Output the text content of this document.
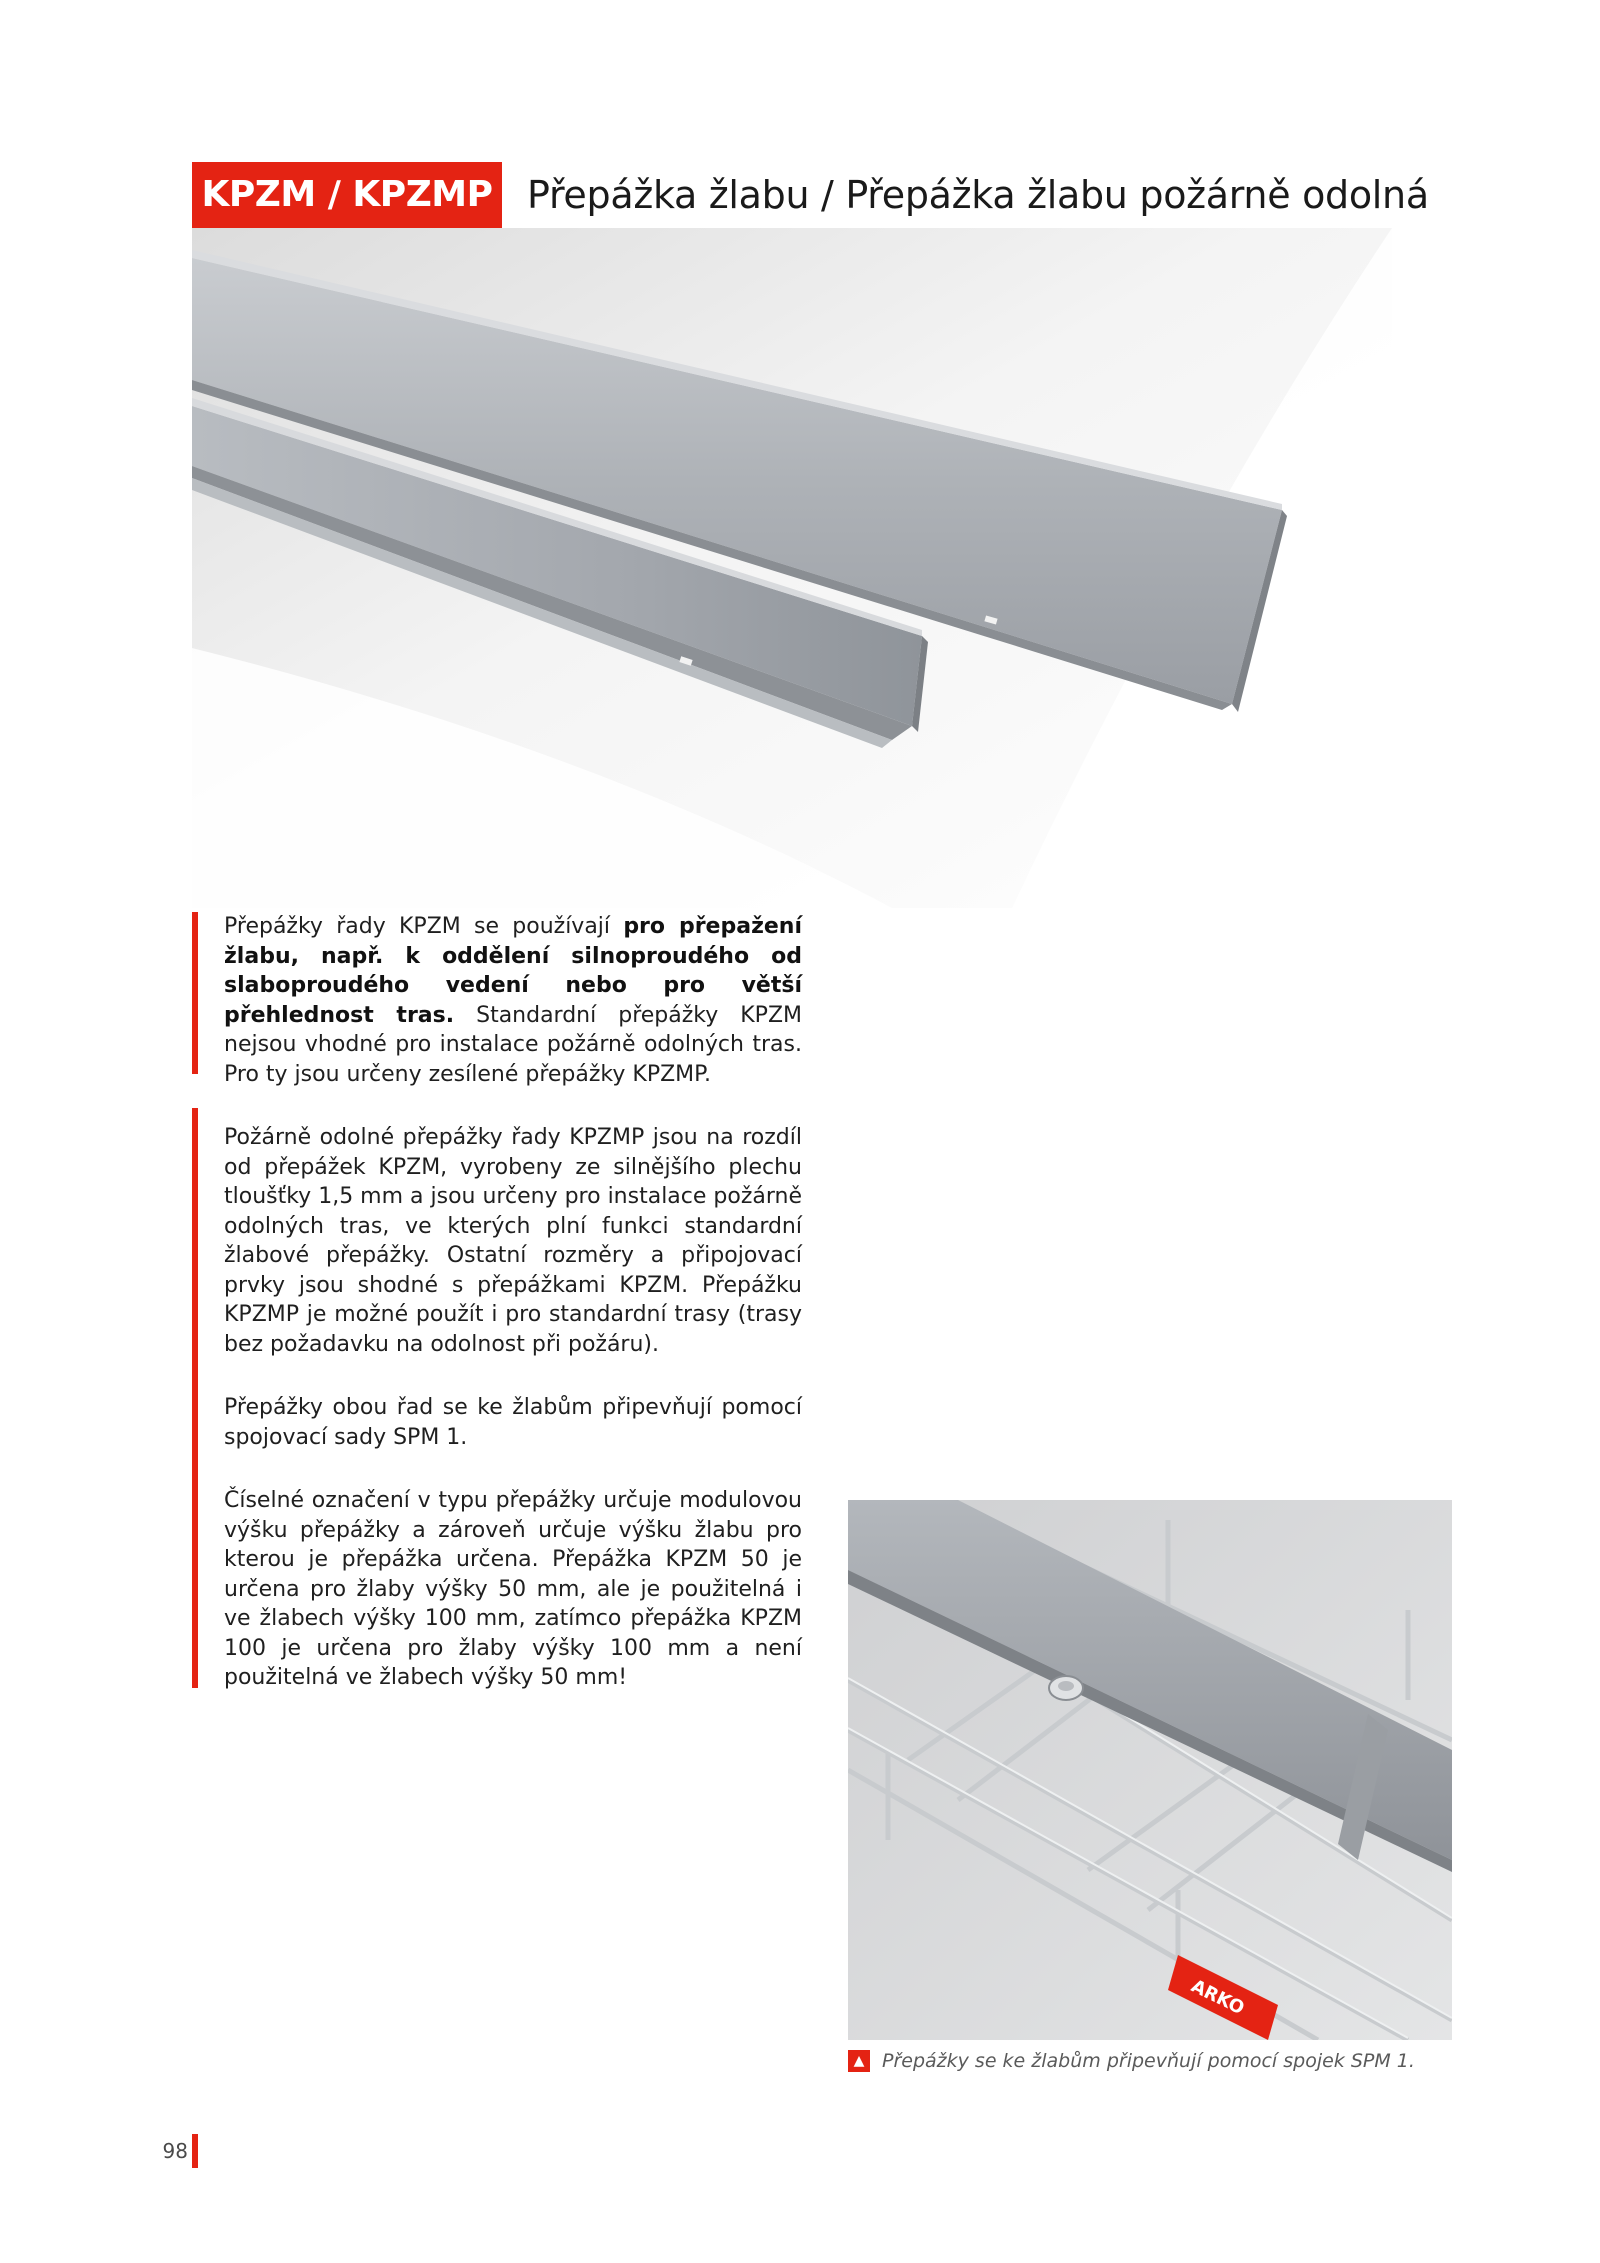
KPZM / KPZMP Přepážka žlabu / Přepážka žlabu požárně odolná

Přepážky řady KPZM se používají pro přepažení žlabu, např. k oddělení silnoproudého od slaboproudého vedení nebo pro větší přehlednost tras. Standardní přepážky KPZM nejsou vhodné pro instalace požárně odolných tras. Pro ty jsou určeny zesílené přepážky KPZMP.

Požárně odolné přepážky řady KPZMP jsou na rozdíl od přepážek KPZM, vyrobeny ze silnějšího plechu tloušťky 1,5 mm a jsou určeny pro instalace požárně odolných tras, ve kterých plní funkci standardní žlabové přepážky. Ostatní rozměry a připojovací prvky jsou shodné s přepážkami KPZM. Přepážku KPZMP je možné použít i pro standardní trasy (trasy bez požadavku na odolnost při požáru).

Přepážky obou řad se ke žlabům připevňují pomocí spojovací sady SPM 1.

Číselné označení v typu přepážky určuje modulovou výšku přepážky a zároveň určuje výšku žlabu pro kterou je přepážka určena. Přepážka KPZM 50 je určena pro žlaby výšky 50 mm, ale je použitelná i ve žlabech výšky 100 mm, zatímco přepážka KPZM 100 je určena pro žlaby výšky 100 mm a není použitelná ve žlabech výšky 50 mm!

ARKO
▲ Přepážky se ke žlabům připevňují pomocí spojek SPM 1.
98
